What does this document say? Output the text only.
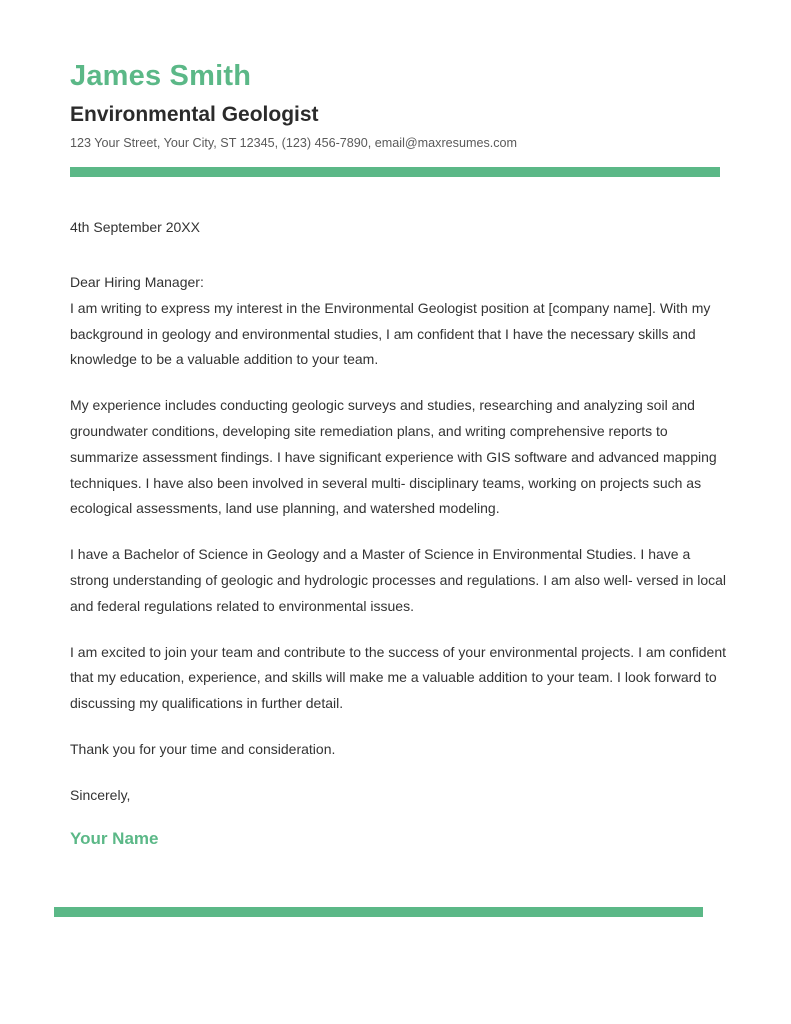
James Smith
Environmental Geologist
123 Your Street, Your City, ST 12345, (123) 456-7890, email@maxresumes.com
4th September 20XX

Dear Hiring Manager:

I am writing to express my interest in the Environmental Geologist position at [company name]. With my background in geology and environmental studies, I am confident that I have the necessary skills and knowledge to be a valuable addition to your team.

My experience includes conducting geologic surveys and studies, researching and analyzing soil and groundwater conditions, developing site remediation plans, and writing comprehensive reports to summarize assessment findings. I have significant experience with GIS software and advanced mapping techniques. I have also been involved in several multi- disciplinary teams, working on projects such as ecological assessments, land use planning, and watershed modeling.

I have a Bachelor of Science in Geology and a Master of Science in Environmental Studies. I have a strong understanding of geologic and hydrologic processes and regulations. I am also well- versed in local and federal regulations related to environmental issues.

I am excited to join your team and contribute to the success of your environmental projects. I am confident that my education, experience, and skills will make me a valuable addition to your team. I look forward to discussing my qualifications in further detail.

Thank you for your time and consideration.

Sincerely,

Your Name
